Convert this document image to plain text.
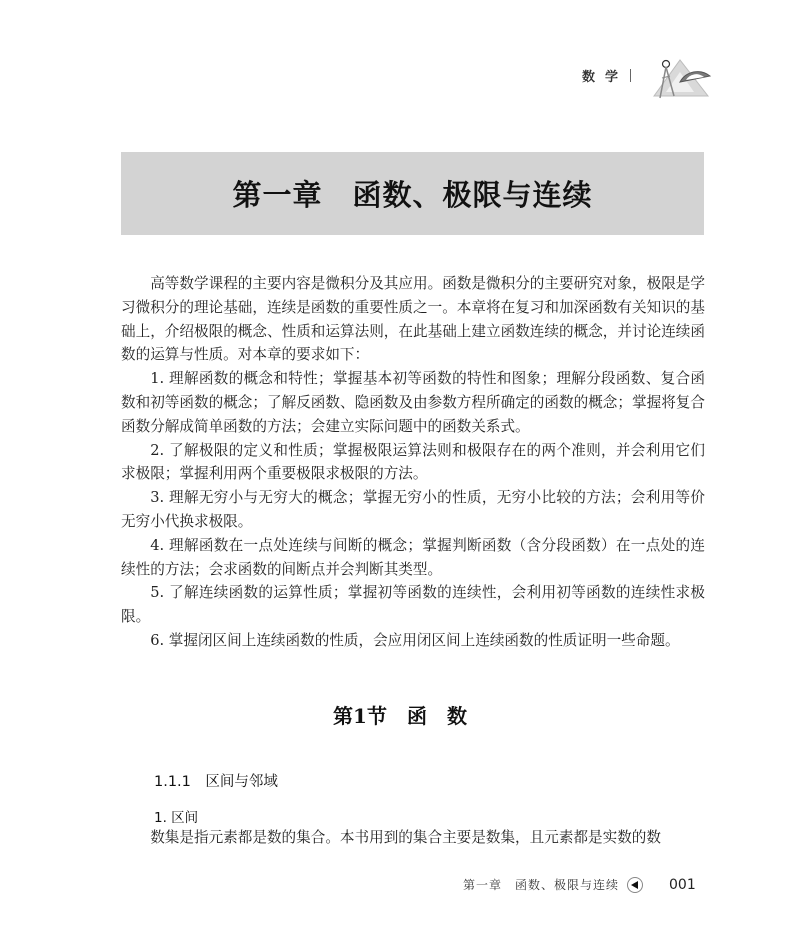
数学
第一章　函数、极限与连续

高等数学课程的主要内容是微积分及其应用。函数是微积分的主要研究对象，极限是学习微积分的理论基础，连续是函数的重要性质之一。本章将在复习和加深函数有关知识的基础上，介绍极限的概念、性质和运算法则，在此基础上建立函数连续的概念，并讨论连续函数的运算与性质。对本章的要求如下：

1. 理解函数的概念和特性；掌握基本初等函数的特性和图象；理解分段函数、复合函数和初等函数的概念；了解反函数、隐函数及由参数方程所确定的函数的概念；掌握将复合函数分解成简单函数的方法；会建立实际问题中的函数关系式。

2. 了解极限的定义和性质；掌握极限运算法则和极限存在的两个准则，并会利用它们求极限；掌握利用两个重要极限求极限的方法。

3. 理解无穷小与无穷大的概念；掌握无穷小的性质，无穷小比较的方法；会利用等价无穷小代换求极限。

4. 理解函数在一点处连续与间断的概念；掌握判断函数（含分段函数）在一点处的连续性的方法；会求函数的间断点并会判断其类型。

5. 了解连续函数的运算性质；掌握初等函数的连续性，会利用初等函数的连续性求极限。

6. 掌握闭区间上连续函数的性质，会应用闭区间上连续函数的性质证明一些命题。

第1节　函　数
1.1.1　区间与邻域
1. 区间
数集是指元素都是数的集合。本书用到的集合主要是数集，且元素都是实数的数
第一章　函数、极限与连续	001
